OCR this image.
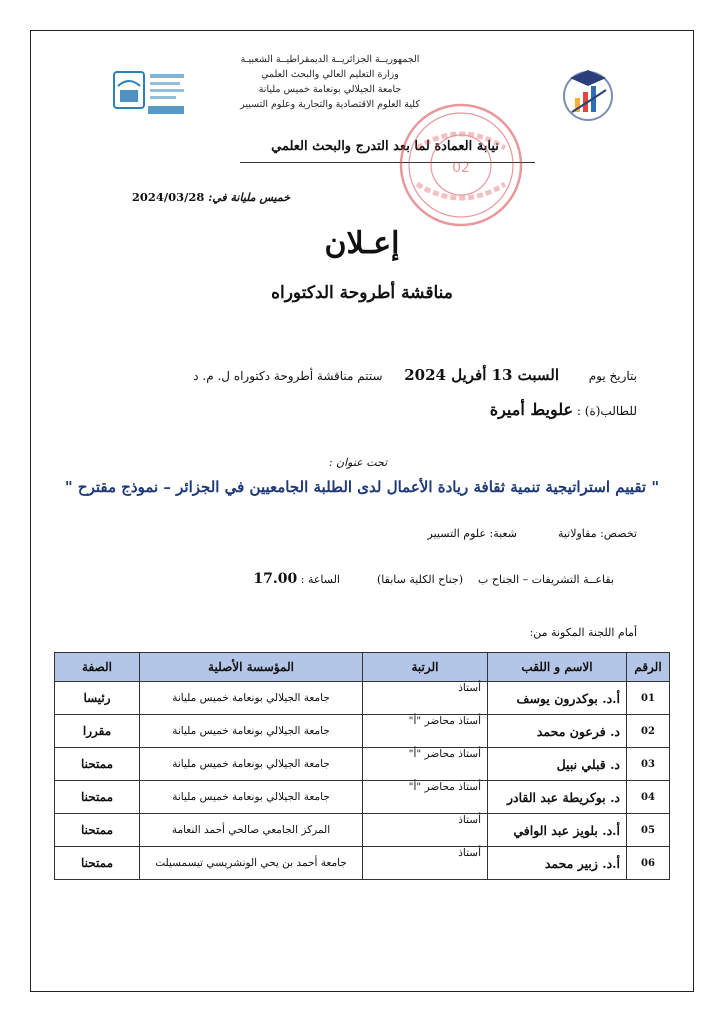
الجمهوريــة الجزائريــة الديمقراطيــة الشعبيـة
وزارة التعليم العالي والبحث العلمي
جامعة الجيلالي بونعامة خميس مليانة
كلية العلوم الاقتصادية والتجارية وعلوم التسيير
نيابة العمادة لما بعد التدرج والبحث العلمي
02
خميس مليانة في: 2024/03/28
إعـلان
مناقشة أطروحة الدكتوراه
بتاريخ يوم  السبت 13 أفريل 2024  ستتم مناقشة أطروحة دكتوراه ل. م. د
للطالب(ة) : علويط أميرة
تحت عنوان :
" تقييم استراتيجية تنمية ثقافة ريادة الأعمال لدى الطلبة الجامعيين في الجزائر – نموذج مقترح "
تخصص: مقاولاتية  شعبة: علوم التسيير
بقاعــة التشريفات – الجناح ب  (جناح الكلية سابقا)  الساعة : 17.00
أمام اللجنة المكونة من:
الرقم	الاسم و اللقب	الرتبة	المؤسسة الأصلية	الصفة
01	أ.د. بوكدرون يوسف	أستاذ	جامعة الجيلالي بونعامة خميس مليانة	رئيسا
02	د. فرعون محمد	أستاذ محاضر "أ"	جامعة الجيلالي بونعامة خميس مليانة	مقررا
03	د. قبلي نبيل	أستاذ محاضر "أ"	جامعة الجيلالي بونعامة خميس مليانة	ممتحنا
04	د. بوكريطة عبد القادر	أستاذ محاضر "أ"	جامعة الجيلالي بونعامة خميس مليانة	ممتحنا
05	أ.د. بلويز عبد الوافي	أستاذ	المركز الجامعي صالحي أحمد النعامة	ممتحنا
06	أ.د. زبير محمد	أستاذ	جامعة أحمد بن يحي الونشريسي تيسمسيلت	ممتحنا
